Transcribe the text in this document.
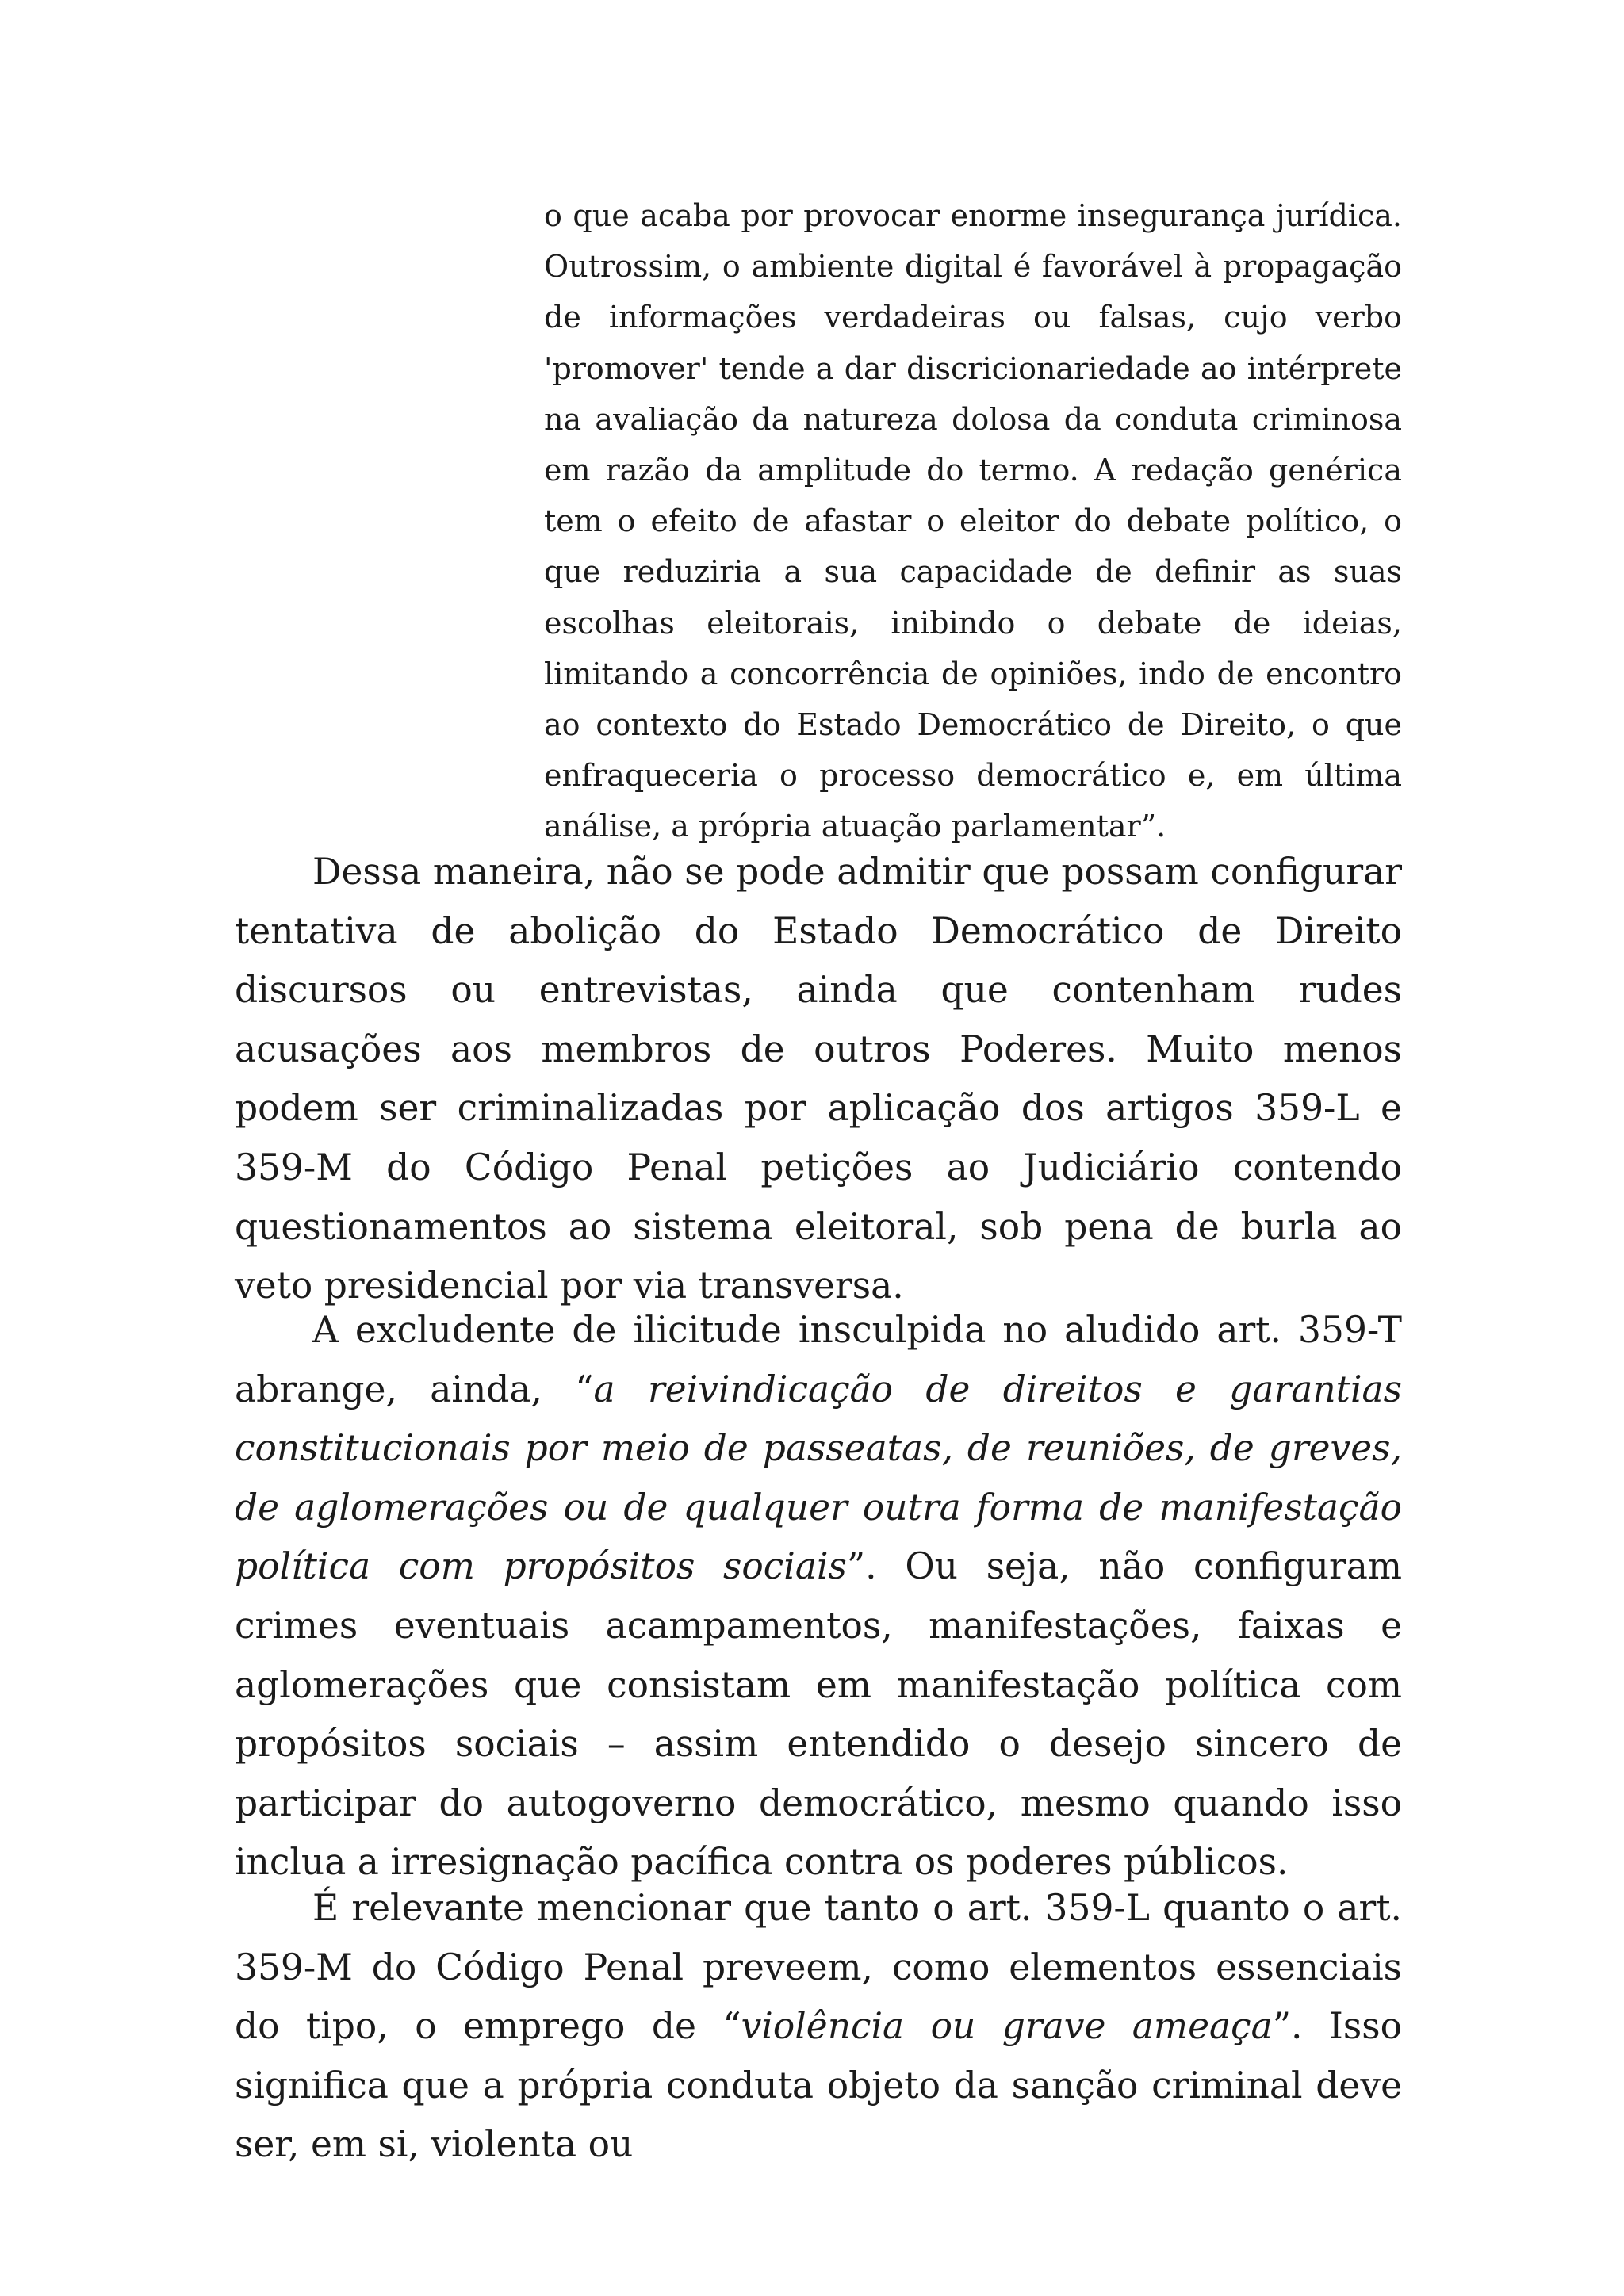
o que acaba por provocar enorme insegurança jurídica. Outrossim, o ambiente digital é favorável à propagação de informações verdadeiras ou falsas, cujo verbo 'promover' tende a dar discricionariedade ao intérprete na avaliação da natureza dolosa da conduta criminosa em razão da amplitude do termo. A redação genérica tem o efeito de afastar o eleitor do debate político, o que reduziria a sua capacidade de definir as suas escolhas eleitorais, inibindo o debate de ideias, limitando a concorrência de opiniões, indo de encontro ao contexto do Estado Democrático de Direito, o que enfraqueceria o processo democrático e, em última análise, a própria atuação parlamentar”.

Dessa maneira, não se pode admitir que possam configurar tentativa de abolição do Estado Democrático de Direito discursos ou entrevistas, ainda que contenham rudes acusações aos membros de outros Poderes. Muito menos podem ser criminalizadas por aplicação dos artigos 359-L e 359-M do Código Penal petições ao Judiciário contendo questionamentos ao sistema eleitoral, sob pena de burla ao veto presidencial por via transversa.

A excludente de ilicitude insculpida no aludido art. 359-T abrange, ainda, “a reivindicação de direitos e garantias constitucionais por meio de passeatas, de reuniões, de greves, de aglomerações ou de qualquer outra forma de manifestação política com propósitos sociais”. Ou seja, não configuram crimes eventuais acampamentos, manifestações, faixas e aglomerações que consistam em manifestação política com propósitos sociais – assim entendido o desejo sincero de participar do autogoverno democrático, mesmo quando isso inclua a irresignação pacífica contra os poderes públicos.

É relevante mencionar que tanto o art. 359-L quanto o art. 359-M do Código Penal preveem, como elementos essenciais do tipo, o emprego de “violência ou grave ameaça”. Isso significa que a própria conduta objeto da sanção criminal deve ser, em si, violenta ou
